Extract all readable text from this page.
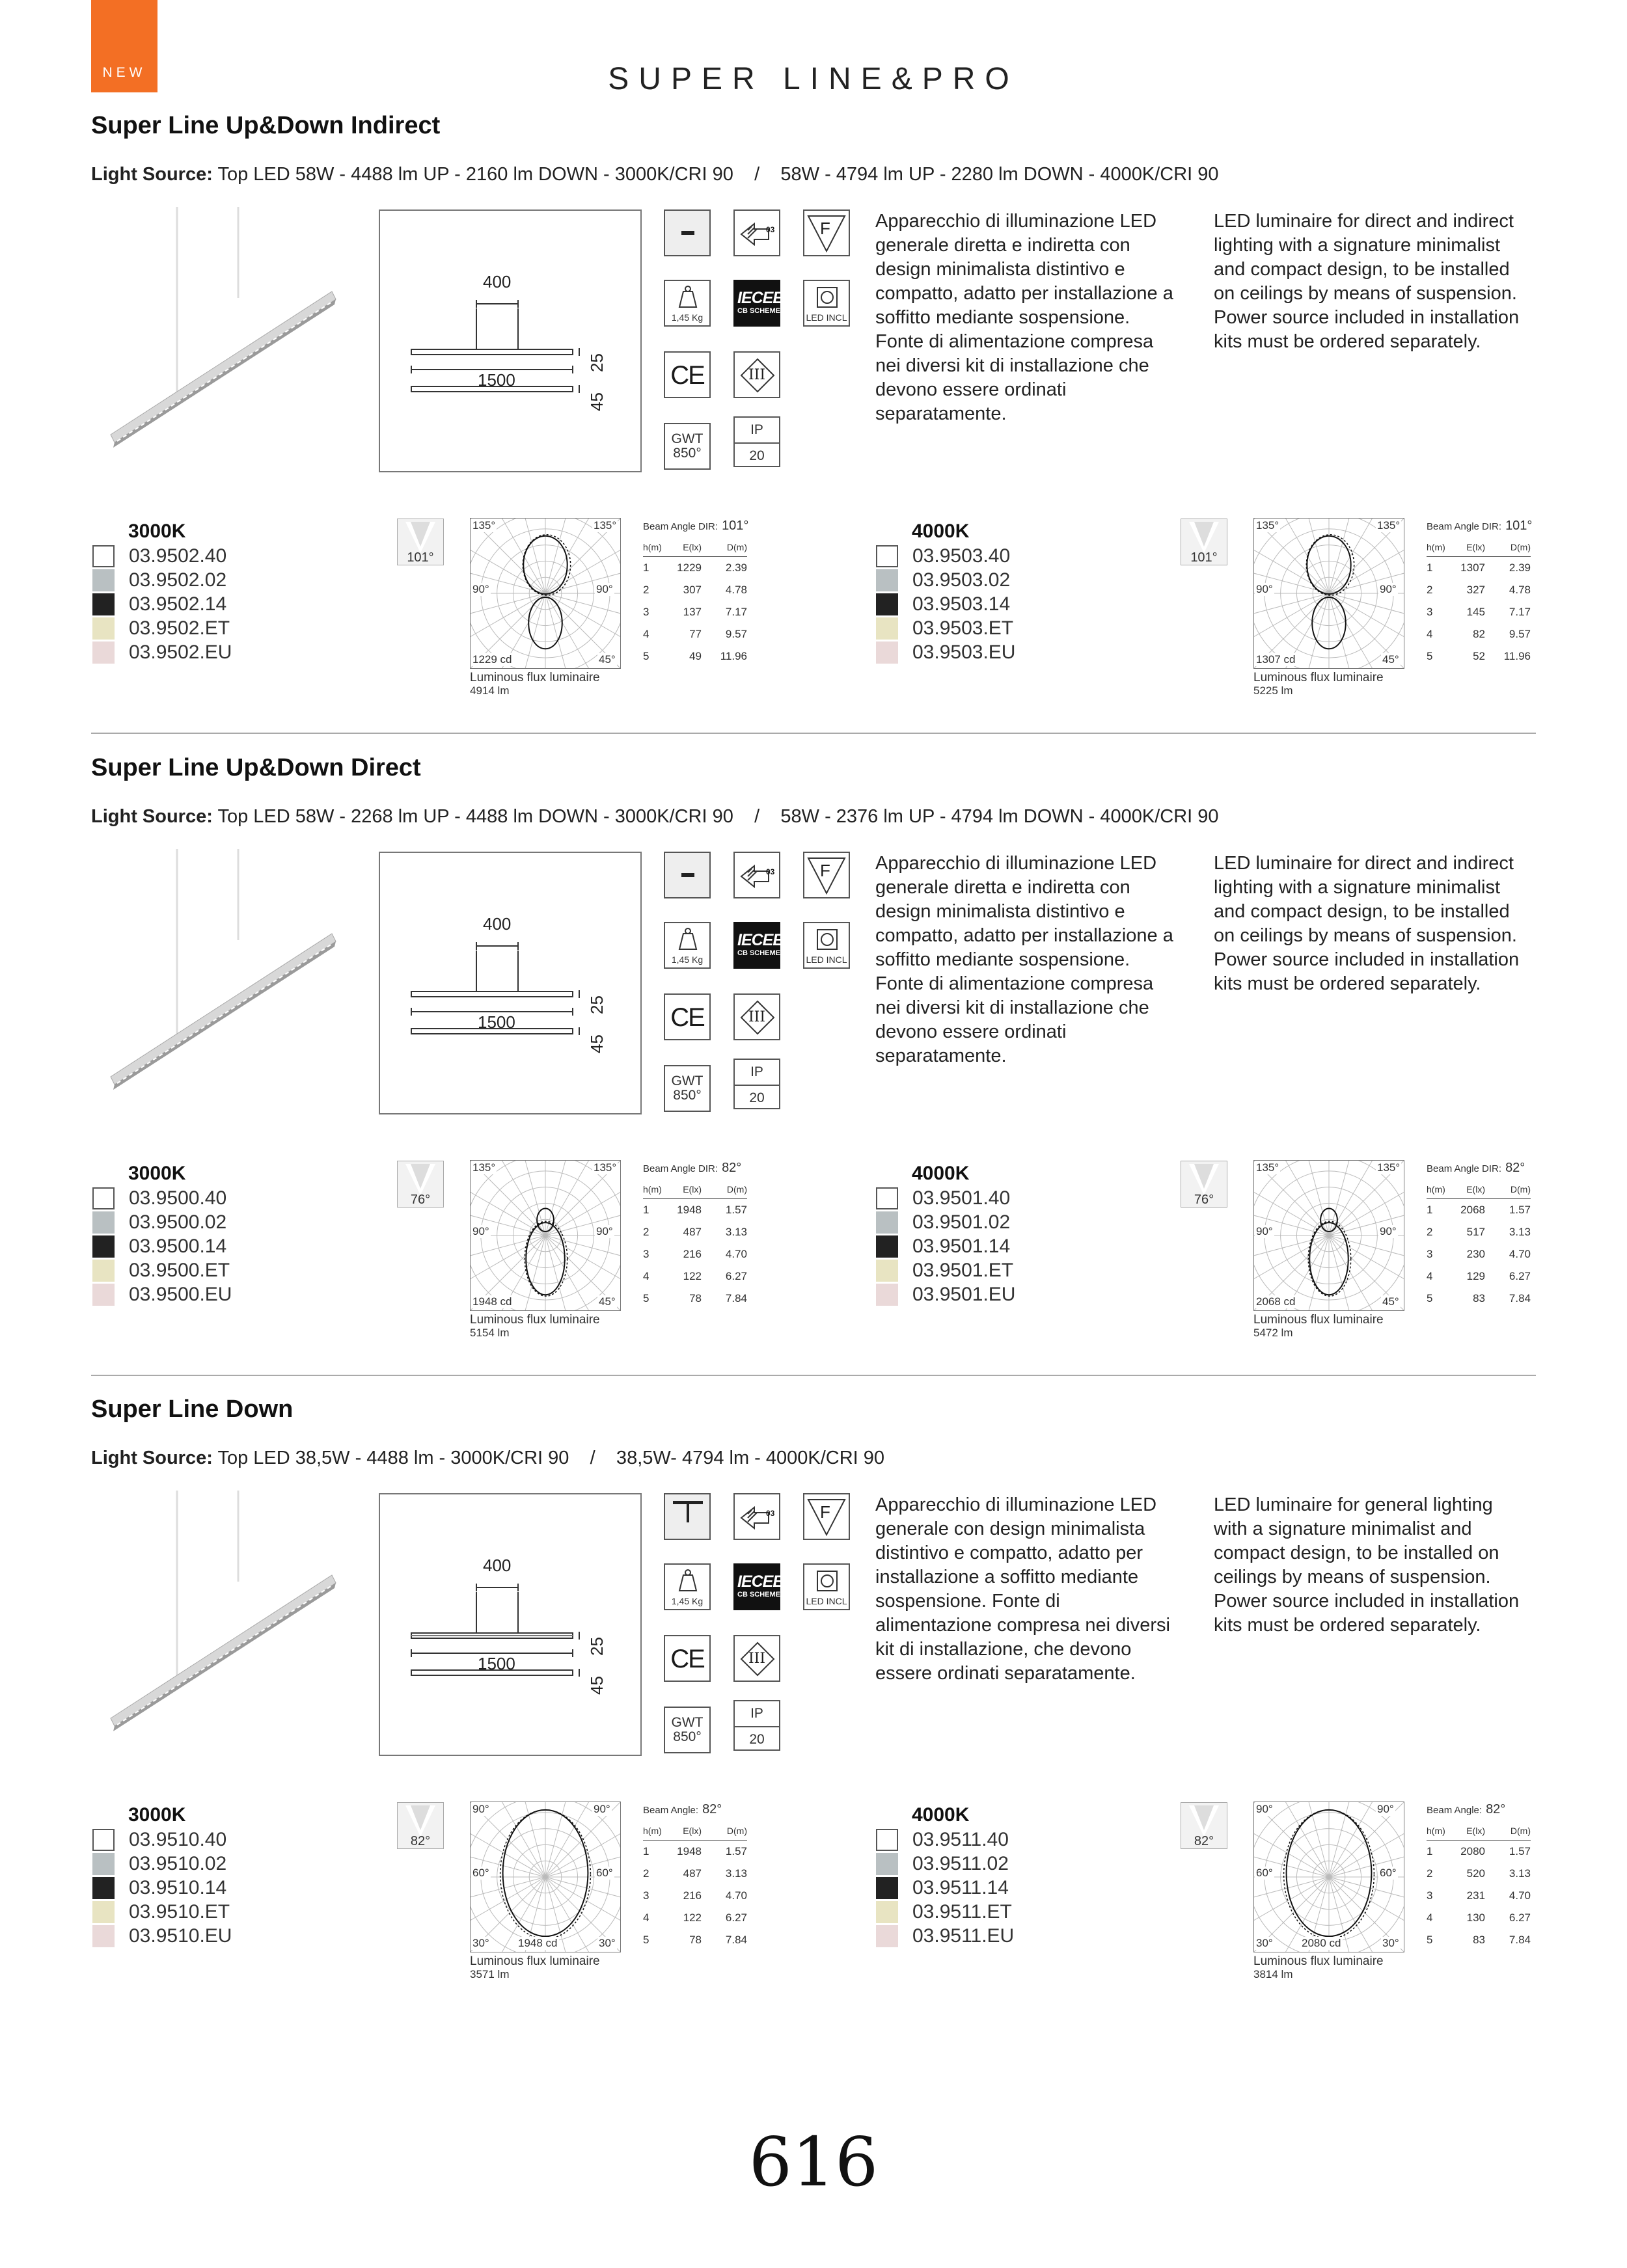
NEW	SUPER LINE&PRO
Super Line Up&Down Indirect
Light Source: Top LED 58W - 4488 lm UP - 2160 lm DOWN - 3000K/CRI 90    /    58W - 4794 lm UP - 2280 lm DOWN - 4000K/CRI 90
400
1500
25
45
03	F
1,45 Kg
IECEE
CB SCHEME
LED INCL
CE	III
GWT
850°
IP
20
Apparecchio di illuminazione LED generale diretta e indiretta con design minimalista distintivo e compatto, adatto per installazione a soffitto mediante sospensione. Fonte di alimentazione compresa nei diversi kit di installazione che devono essere ordinati separatamente.
LED luminaire for direct and indirect lighting with a signature minimalist and compact design, to be installed on ceilings by means of suspension. Power source included in installation kits must be ordered separately.
3000K
03.9502.40
03.9502.02
03.9502.14
03.9502.ET
03.9502.EU
101°
135°	135°
90°	90°
45°
1229 cd
Luminous flux luminaire
4914 lm
Beam Angle DIR: 101°
h(m)	E(lx)	D(m)
1	1229	2.39
2	307	4.78
3	137	7.17
4	77	9.57
5	49	11.96
4000K
03.9503.40
03.9503.02
03.9503.14
03.9503.ET
03.9503.EU
101°
135°	135°
90°	90°
45°
1307 cd
Luminous flux luminaire
5225 lm
Beam Angle DIR: 101°
h(m)	E(lx)	D(m)
1	1307	2.39
2	327	4.78
3	145	7.17
4	82	9.57
5	52	11.96
Super Line Up&Down Direct
Light Source: Top LED 58W - 2268 lm UP - 4488 lm DOWN - 3000K/CRI 90    /    58W - 2376 lm UP - 4794 lm DOWN - 4000K/CRI 90
400
1500
25
45
03	F
1,45 Kg
IECEE
CB SCHEME
LED INCL
CE	III
GWT
850°
IP
20
Apparecchio di illuminazione LED generale diretta e indiretta con design minimalista distintivo e compatto, adatto per installazione a soffitto mediante sospensione. Fonte di alimentazione compresa nei diversi kit di installazione che devono essere ordinati separatamente.
LED luminaire for direct and indirect lighting with a signature minimalist and compact design, to be installed on ceilings by means of suspension. Power source included in installation kits must be ordered separately.
3000K
03.9500.40
03.9500.02
03.9500.14
03.9500.ET
03.9500.EU
76°
135°	135°
90°	90°
45°
1948 cd
Luminous flux luminaire
5154 lm
Beam Angle DIR: 82°
h(m)	E(lx)	D(m)
1	1948	1.57
2	487	3.13
3	216	4.70
4	122	6.27
5	78	7.84
4000K
03.9501.40
03.9501.02
03.9501.14
03.9501.ET
03.9501.EU
76°
135°	135°
90°	90°
45°
2068 cd
Luminous flux luminaire
5472 lm
Beam Angle DIR: 82°
h(m)	E(lx)	D(m)
1	2068	1.57
2	517	3.13
3	230	4.70
4	129	6.27
5	83	7.84
Super Line Down
Light Source: Top LED 38,5W - 4488 lm - 3000K/CRI 90    /    38,5W- 4794 lm - 4000K/CRI 90
400
1500
25
45
03	F
1,45 Kg
IECEE
CB SCHEME
LED INCL
CE	III
GWT
850°
IP
20
Apparecchio di illuminazione LED generale con design minimalista distintivo e compatto, adatto per installazione a soffitto mediante sospensione. Fonte di alimentazione compresa nei diversi kit di installazione, che devono essere ordinati separatamente.
LED luminaire for general lighting with a signature minimalist and compact design, to be installed on ceilings by means of suspension. Power source included in installation kits must be ordered separately.
3000K
03.9510.40
03.9510.02
03.9510.14
03.9510.ET
03.9510.EU
82°
90°	90°
60°	60°
30°
30°	1948 cd
Luminous flux luminaire
3571 lm
Beam Angle: 82°
h(m)	E(lx)	D(m)
1	1948	1.57
2	487	3.13
3	216	4.70
4	122	6.27
5	78	7.84
4000K
03.9511.40
03.9511.02
03.9511.14
03.9511.ET
03.9511.EU
82°
90°	90°
60°	60°
30°
30°	2080 cd
Luminous flux luminaire
3814 lm
Beam Angle: 82°
h(m)	E(lx)	D(m)
1	2080	1.57
2	520	3.13
3	231	4.70
4	130	6.27
5	83	7.84
616
